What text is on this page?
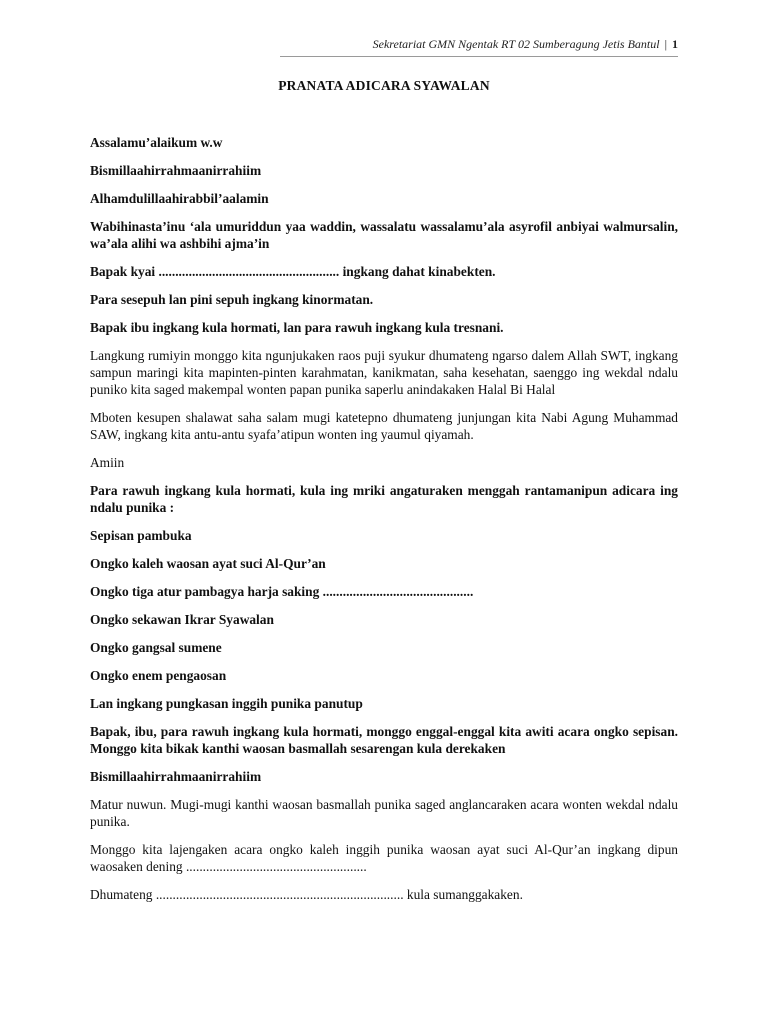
Sekretariat GMN Ngentak RT 02 Sumberagung Jetis Bantul | 1
PRANATA ADICARA SYAWALAN

Assalamu’alaikum w.w

Bismillaahirrahmaanirrahiim

Alhamdulillaahirabbil’aalamin

Wabihinasta’inu ‘ala umuriddun yaa waddin, wassalatu wassalamu’ala asyrofil anbiyai walmursalin, wa’ala alihi wa ashbihi ajma’in

Bapak kyai ...................................................... ingkang dahat kinabekten.

Para sesepuh lan pini sepuh ingkang kinormatan.

Bapak ibu ingkang kula hormati, lan para rawuh ingkang kula tresnani.

Langkung rumiyin monggo kita ngunjukaken raos puji syukur dhumateng ngarso dalem Allah SWT, ingkang sampun maringi kita mapinten-pinten karahmatan, kanikmatan, saha kesehatan, saenggo ing wekdal ndalu puniko kita saged makempal wonten papan punika saperlu anindakaken Halal Bi Halal

Mboten kesupen shalawat saha salam mugi katetepno dhumateng junjungan kita Nabi Agung Muhammad SAW, ingkang kita antu-antu syafa’atipun wonten ing yaumul qiyamah.

Amiin

Para rawuh ingkang kula hormati, kula ing mriki angaturaken menggah rantamanipun adicara ing ndalu punika :

Sepisan pambuka

Ongko kaleh waosan ayat suci Al-Qur’an

Ongko tiga atur pambagya harja saking .............................................

Ongko sekawan Ikrar Syawalan

Ongko gangsal sumene

Ongko enem pengaosan

Lan ingkang pungkasan inggih punika panutup

Bapak, ibu, para rawuh ingkang kula hormati, monggo enggal-enggal kita awiti acara ongko sepisan. Monggo kita bikak kanthi waosan basmallah sesarengan kula derekaken

Bismillaahirrahmaanirrahiim

Matur nuwun. Mugi-mugi kanthi waosan basmallah punika saged anglancaraken acara wonten wekdal ndalu punika.

Monggo kita lajengaken acara ongko kaleh inggih punika waosan ayat suci Al-Qur’an ingkang dipun waosaken dening ......................................................

Dhumateng .......................................................................... kula sumanggakaken.
